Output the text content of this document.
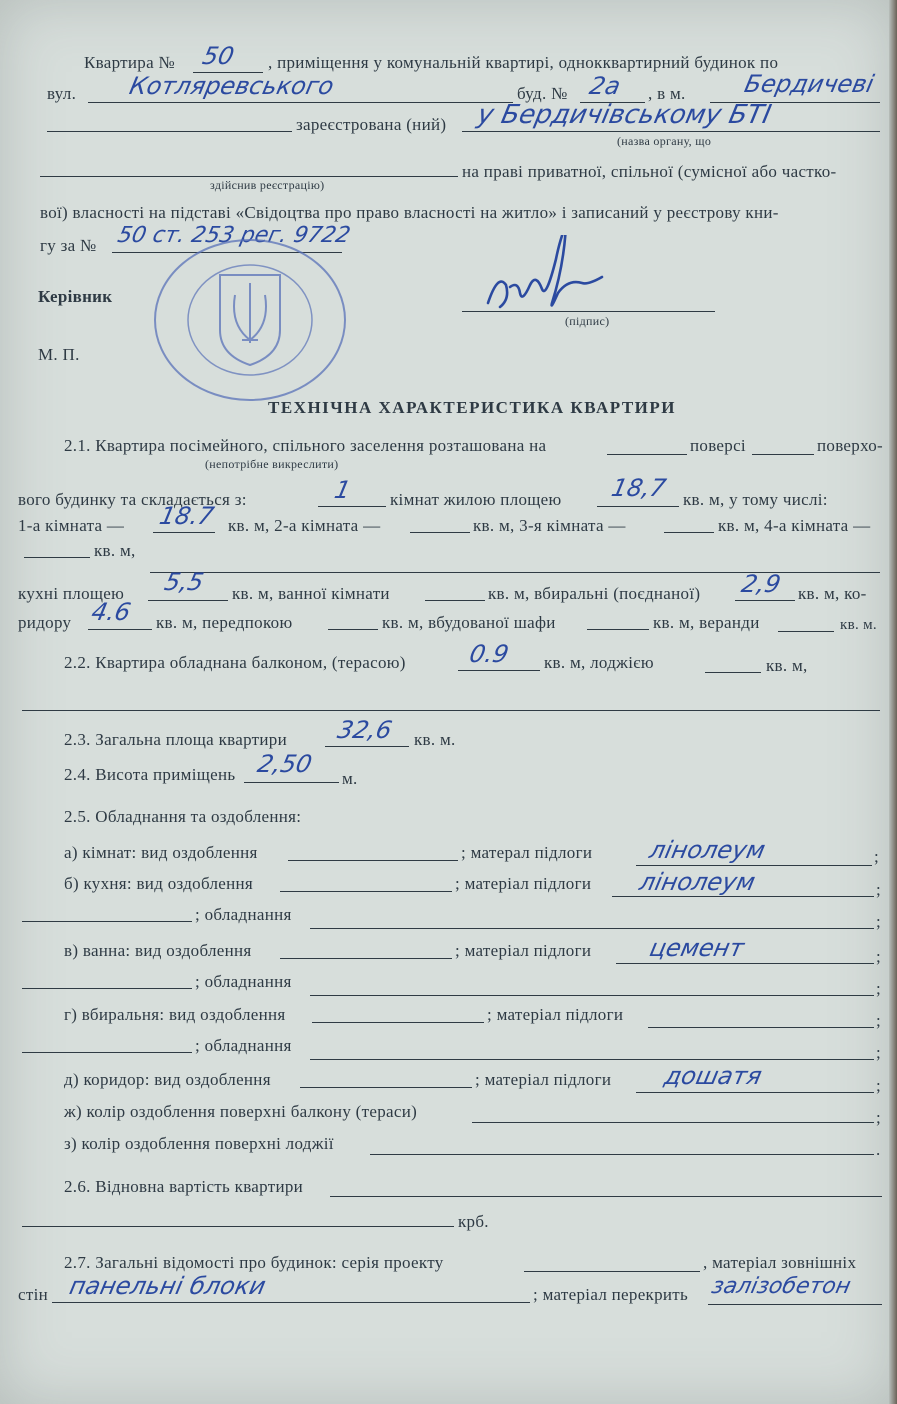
Квартира № 50 , приміщення у комунальній квартирі, однокквартирний будинок по
вул. Котляревського	буд. № 2а , в м. Бердичеві
зареєстрована (ний) у Бердичівському БТІ
(назва органу, що
на праві приватної, спільної (сумісної або частко-
здійснив реєстрацію)
вої) власності на підставі «Свідоцтва про право власності на житло» і записаний у реєстрову кни-
гу за № 50 ст. 253 рег. 9722
Керівник
(підпис)
М. П.
ТЕХНІЧНА ХАРАКТЕРИСТИКА КВАРТИРИ
2.1. Квартира посімейного, спільного заселення розташована на	поверсі	поверхо-
(непотрібне викреслити)
вого будинку та складається з:	1 кімнат жилою площею 18,7 кв. м, у тому числі:
1-а кімната — 18.7 кв. м, 2-а кімната —	кв. м, 3-я кімната —	кв. м, 4-а кімната —
кв. м,
кухні площею 5,5 кв. м, ванної кімнати	кв. м, вбиральні (поєднаної) 2,9 кв. м, ко-
ридору 4.6 кв. м, передпокою	кв. м, вбудованої шафи	кв. м, веранди	кв. м.
2.2. Квартира обладнана балконом, (терасою)	0.9 кв. м, лоджією	кв. м,
2.3. Загальна площа квартири 32,6 кв. м.
2.4. Висота приміщень 2,50
м.
2.5. Обладнання та оздоблення:
а) кімнат: вид оздоблення	; матерал підлоги лінолеум	;
б) кухня: вид оздоблення	; матеріал підлоги лінолеум	;
; обладнання	;
в) ванна: вид оздоблення	; матеріал підлоги цемент	;
; обладнання	;
г) вбиральня: вид оздоблення	; матеріал підлоги	;
; обладнання	;
д) коридор: вид оздоблення	; матеріал підлоги дошатя	;
ж) колір оздоблення поверхні балкону (тераси)	;
з) колір оздоблення поверхні лоджії	.
2.6. Відновна вартість квартири
крб.
2.7. Загальні відомості про будинок: серія проекту	, матеріал зовнішніх
стін панельні блоки	; матеріал перекрить залізобетон
